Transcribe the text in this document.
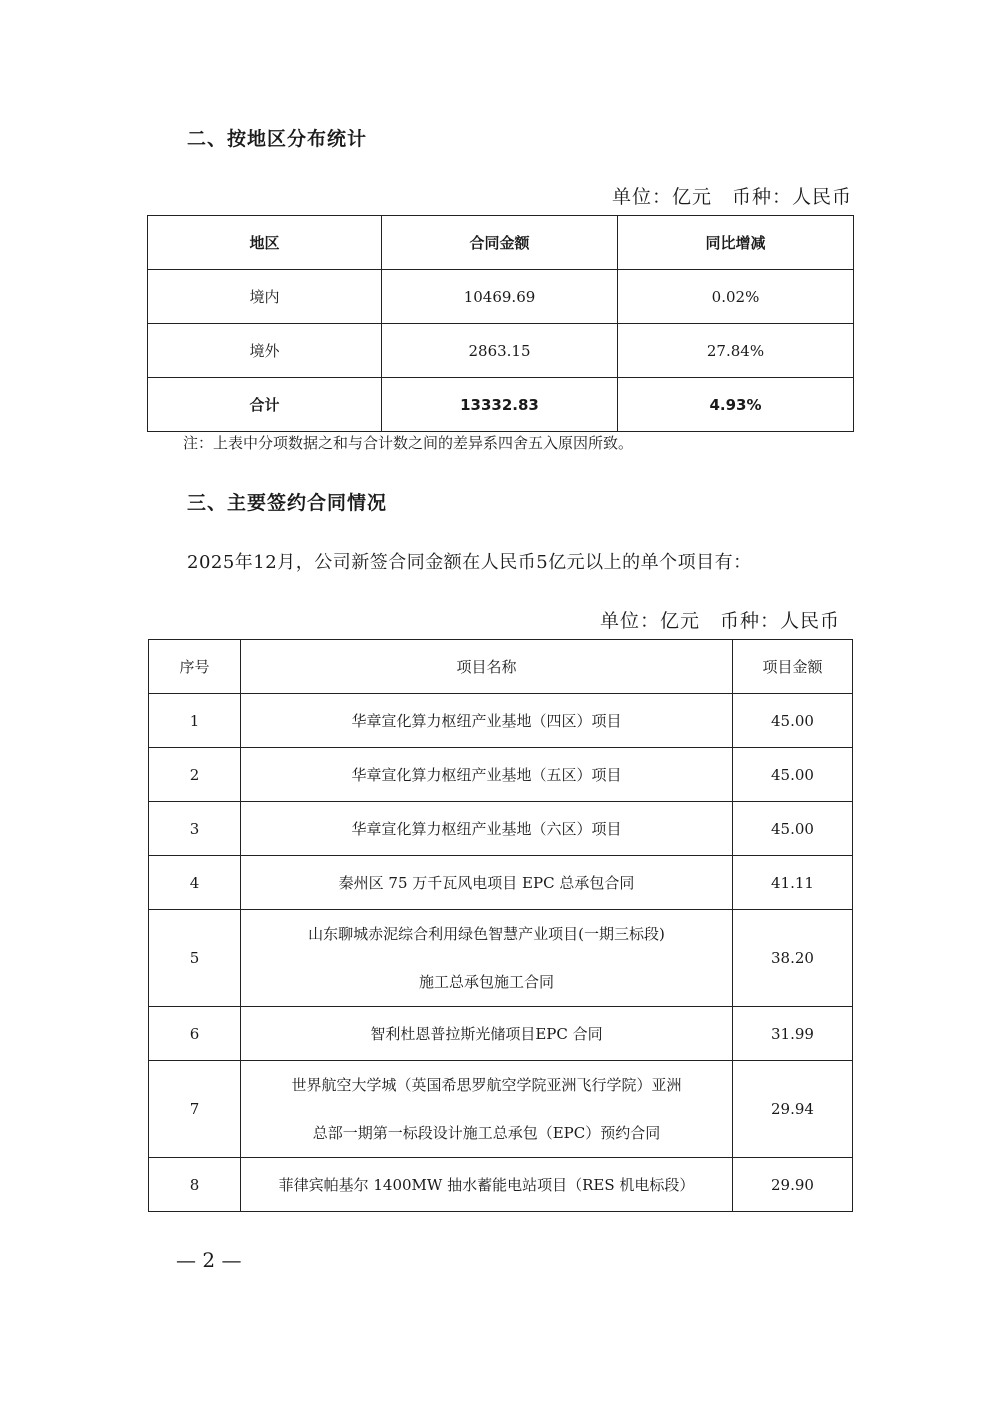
二、按地区分布统计
单位：亿元　币种：人民币
地区	合同金额	同比增减
境内	10469.69	0.02%
境外	2863.15	27.84%
合计	13332.83	4.93%
注：上表中分项数据之和与合计数之间的差异系四舍五入原因所致。
三、主要签约合同情况
2025年12月，公司新签合同金额在人民币5亿元以上的单个项目有：
单位：亿元　币种：人民币
序号	项目名称	项目金额
1	华章宣化算力枢纽产业基地（四区）项目	45.00
2	华章宣化算力枢纽产业基地（五区）项目	45.00
3	华章宣化算力枢纽产业基地（六区）项目	45.00
4	秦州区 75 万千瓦风电项目 EPC 总承包合同	41.11
5	山东聊城赤泥综合利用绿色智慧产业项目(一期三标段)
施工总承包施工合同	38.20
6	智利杜恩普拉斯光储项目EPC 合同	31.99
7	世界航空大学城（英国希思罗航空学院亚洲飞行学院）亚洲
总部一期第一标段设计施工总承包（EPC）预约合同	29.94
8	菲律宾帕基尔 1400MW 抽水蓄能电站项目（RES 机电标段）	29.90
— 2 —
